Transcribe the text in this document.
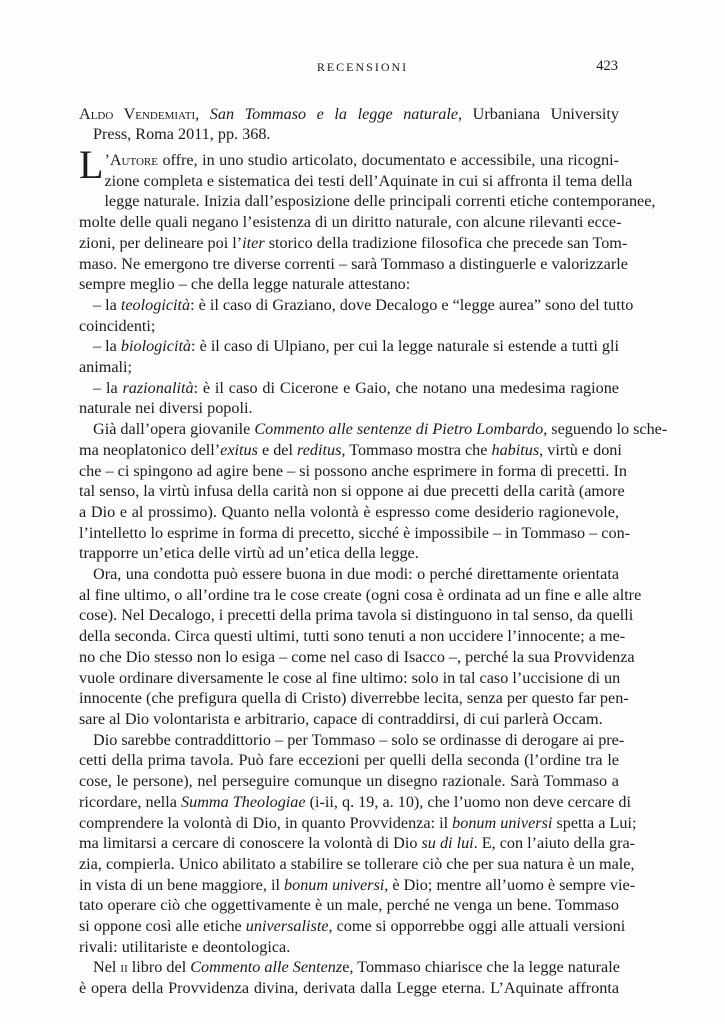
RECENSIONI	423
Aldo Vendemiati, San Tommaso e la legge naturale, Urbaniana University
Press, Roma 2011, pp. 368.
L ’Autore offre, in uno studio articolato, documentato e accessibile, una ricogni-
zione completa e sistematica dei testi dell’Aquinate in cui si affronta il tema della
legge naturale. Inizia dall’esposizione delle principali correnti etiche contemporanee,
molte delle quali negano l’esistenza di un diritto naturale, con alcune rilevanti ecce-
zioni, per delineare poi l’iter storico della tradizione filosofica che precede san Tom-
maso. Ne emergono tre diverse correnti – sarà Tommaso a distinguerle e valorizzarle
sempre meglio – che della legge naturale attestano:
– la teologicità: è il caso di Graziano, dove Decalogo e “legge aurea” sono del tutto
coincidenti;
– la biologicità: è il caso di Ulpiano, per cui la legge naturale si estende a tutti gli
animali;
– la razionalità: è il caso di Cicerone e Gaio, che notano una medesima ragione
naturale nei diversi popoli.
Già dall’opera giovanile Commento alle sentenze di Pietro Lombardo, seguendo lo sche-
ma neoplatonico dell’exitus e del reditus, Tommaso mostra che habitus, virtù e doni
che – ci spingono ad agire bene – si possono anche esprimere in forma di precetti. In
tal senso, la virtù infusa della carità non si oppone ai due precetti della carità (amore
a Dio e al prossimo). Quanto nella volontà è espresso come desiderio ragionevole,
l’intelletto lo esprime in forma di precetto, sicché è impossibile – in Tommaso – con-
trapporre un’etica delle virtù ad un’etica della legge.
Ora, una condotta può essere buona in due modi: o perché direttamente orientata
al fine ultimo, o all’ordine tra le cose create (ogni cosa è ordinata ad un fine e alle altre
cose). Nel Decalogo, i precetti della prima tavola si distinguono in tal senso, da quelli
della seconda. Circa questi ultimi, tutti sono tenuti a non uccidere l’innocente; a me-
no che Dio stesso non lo esiga – come nel caso di Isacco –, perché la sua Provvidenza
vuole ordinare diversamente le cose al fine ultimo: solo in tal caso l’uccisione di un
innocente (che prefigura quella di Cristo) diverrebbe lecita, senza per questo far pen-
sare al Dio volontarista e arbitrario, capace di contraddirsi, di cui parlerà Occam.
Dio sarebbe contraddittorio – per Tommaso – solo se ordinasse di derogare ai pre-
cetti della prima tavola. Può fare eccezioni per quelli della seconda (l’ordine tra le
cose, le persone), nel perseguire comunque un disegno razionale. Sarà Tommaso a
ricordare, nella Summa Theologiae (i-ii, q. 19, a. 10), che l’uomo non deve cercare di
comprendere la volontà di Dio, in quanto Provvidenza: il bonum universi spetta a Lui;
ma limitarsi a cercare di conoscere la volontà di Dio su di lui. E, con l’aiuto della gra-
zia, compierla. Unico abilitato a stabilire se tollerare ciò che per sua natura è un male,
in vista di un bene maggiore, il bonum universi, è Dio; mentre all’uomo è sempre vie-
tato operare ciò che oggettivamente è un male, perché ne venga un bene. Tommaso
si oppone così alle etiche universaliste, come si opporrebbe oggi alle attuali versioni
rivali: utilitariste e deontologica.
Nel ii libro del Commento alle Sentenze, Tommaso chiarisce che la legge naturale
è opera della Provvidenza divina, derivata dalla Legge eterna. L’Aquinate affronta
